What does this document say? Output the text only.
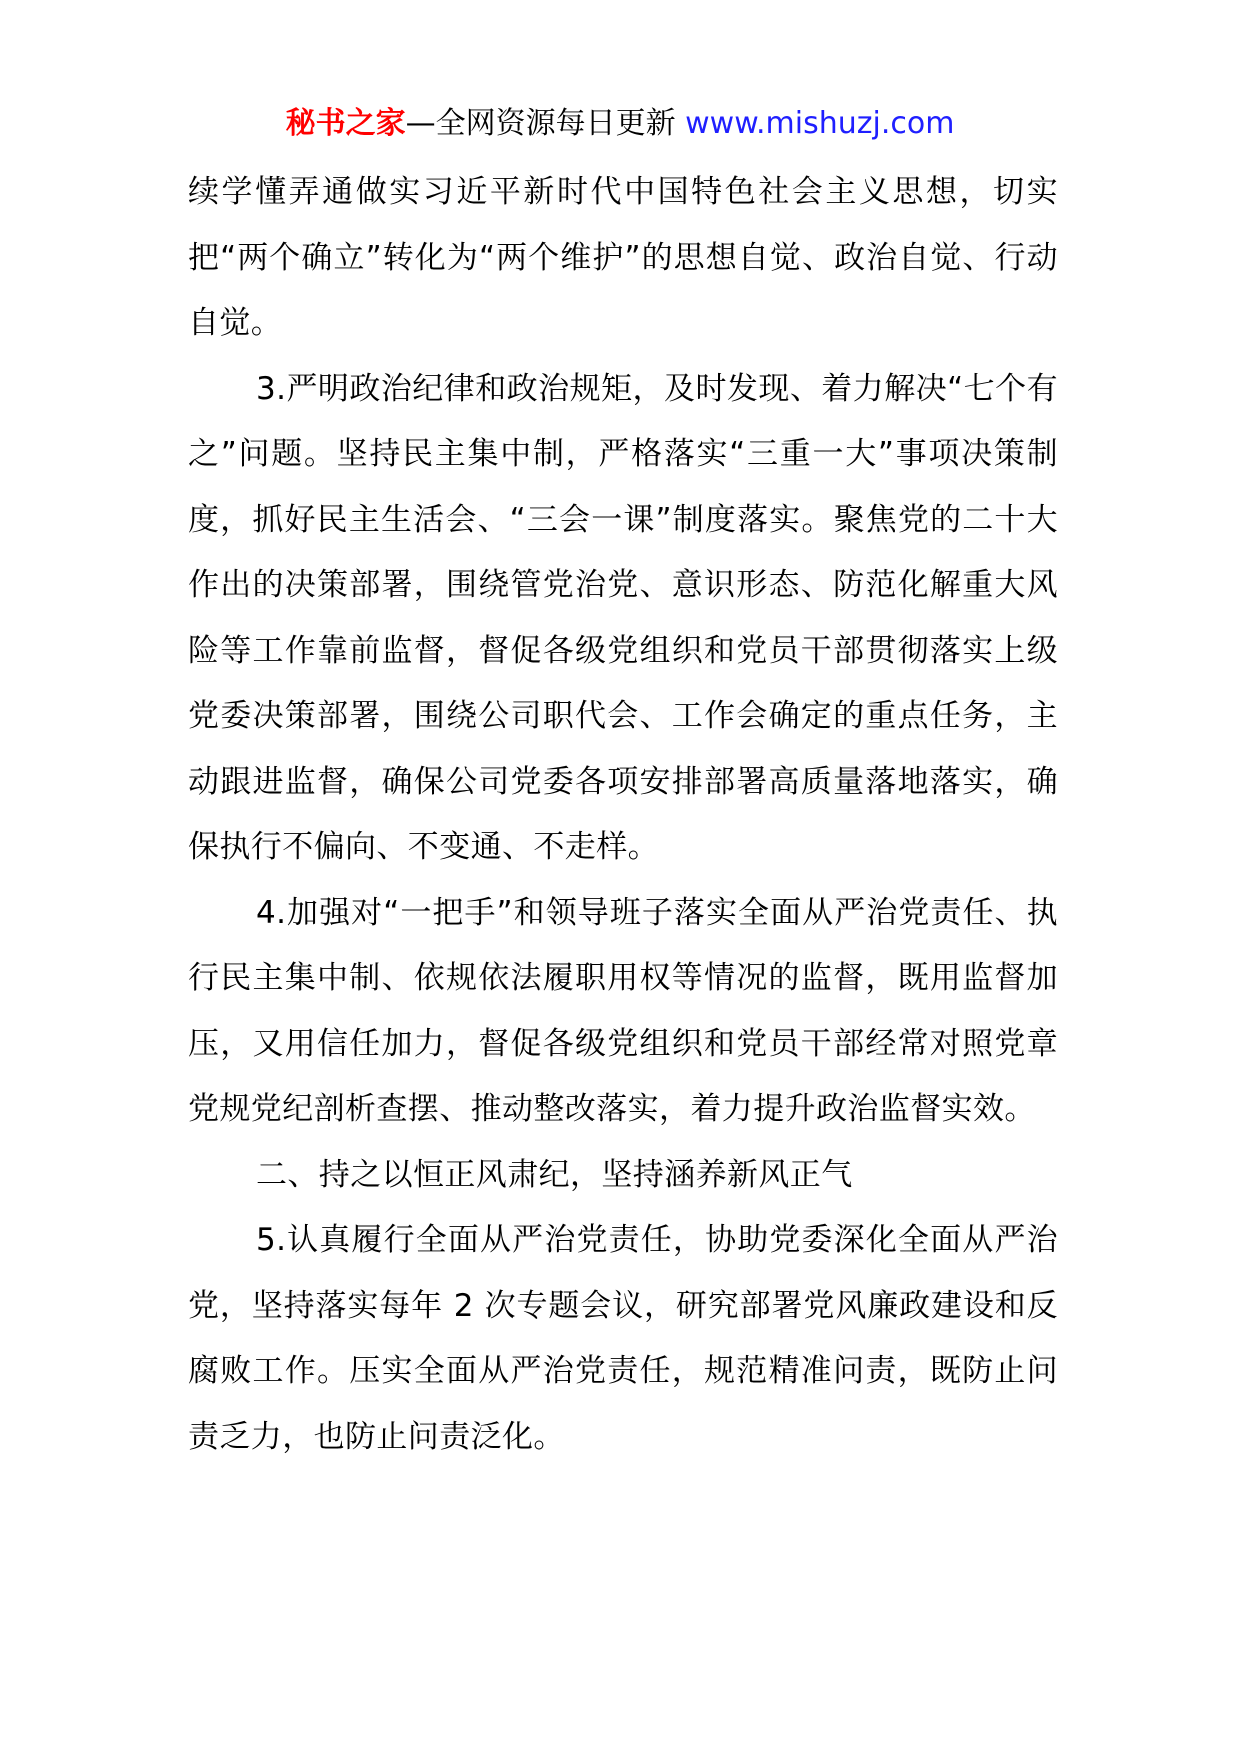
秘书之家—全网资源每日更新 www.mishuzj.com

续学懂弄通做实习近平新时代中国特色社会主义思想，切实把“两个确立”转化为“两个维护”的思想自觉、政治自觉、行动自觉。

3.严明政治纪律和政治规矩，及时发现、着力解决“七个有之”问题。坚持民主集中制，严格落实“三重一大”事项决策制度，抓好民主生活会、“三会一课”制度落实。聚焦党的二十大作出的决策部署，围绕管党治党、意识形态、防范化解重大风险等工作靠前监督，督促各级党组织和党员干部贯彻落实上级党委决策部署，围绕公司职代会、工作会确定的重点任务，主动跟进监督，确保公司党委各项安排部署高质量落地落实，确保执行不偏向、不变通、不走样。

4.加强对“一把手”和领导班子落实全面从严治党责任、执行民主集中制、依规依法履职用权等情况的监督，既用监督加压，又用信任加力，督促各级党组织和党员干部经常对照党章党规党纪剖析查摆、推动整改落实，着力提升政治监督实效。

二、持之以恒正风肃纪，坚持涵养新风正气

5.认真履行全面从严治党责任，协助党委深化全面从严治党，坚持落实每年 2 次专题会议，研究部署党风廉政建设和反腐败工作。压实全面从严治党责任，规范精准问责，既防止问责乏力，也防止问责泛化。
